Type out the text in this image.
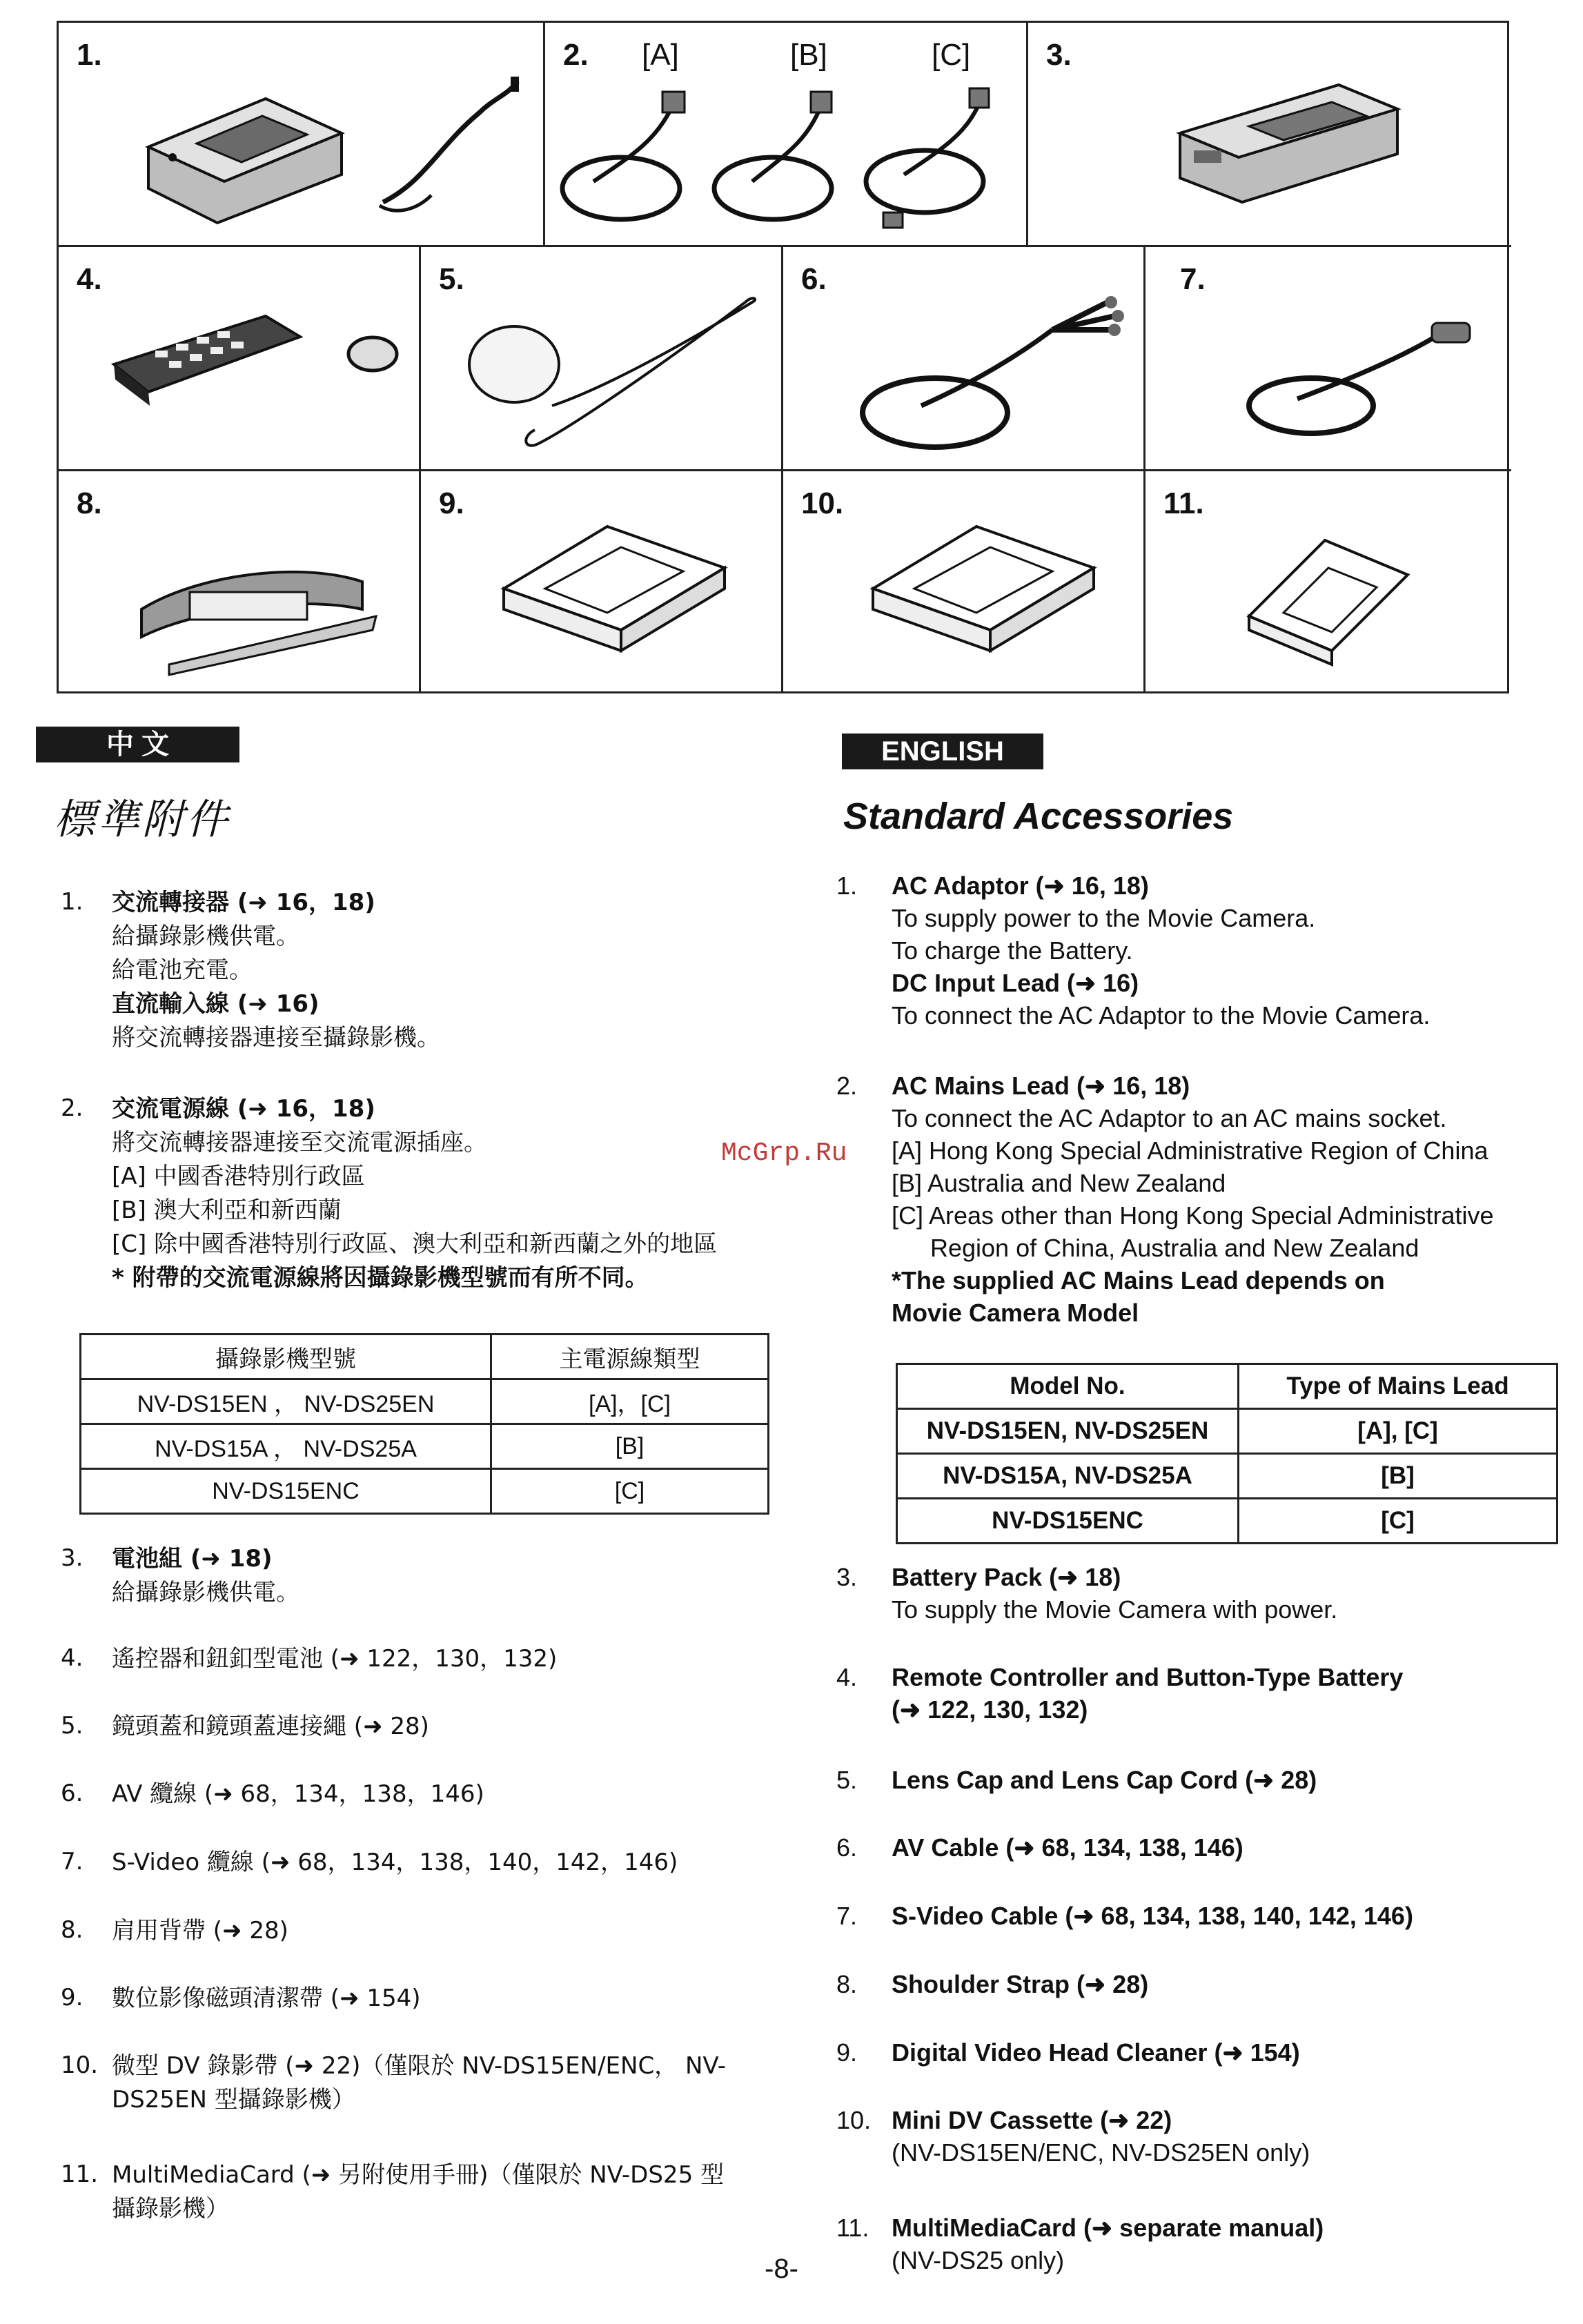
1.	2. [A]	[B]	[C] 3.
4.	5.	6.	7.
8.	9.	10.	11.
中 文
標準附件
1. 交流轉接器 (➜ 16，18)
給攝錄影機供電。
給電池充電。
直流輸入線 (➜ 16)
將交流轉接器連接至攝錄影機。
2. 交流電源線 (➜ 16，18)
將交流轉接器連接至交流電源插座。
[A] 中國香港特別行政區
[B] 澳大利亞和新西蘭
[C] 除中國香港特別行政區、澳大利亞和新西蘭之外的地區
* 附帶的交流電源線將因攝錄影機型號而有所不同。
3. 電池組 (➜ 18)
給攝錄影機供電。
4. 遙控器和鈕釦型電池 (➜ 122，130，132)
5. 鏡頭蓋和鏡頭蓋連接繩 (➜ 28)
6. AV 纜線 (➜ 68，134，138，146)
7. S-Video 纜線 (➜ 68，134，138，140，142，146)
8. 肩用背帶 (➜ 28)
9. 數位影像磁頭清潔帶 (➜ 154)
10. 微型 DV 錄影帶 (➜ 22)（僅限於 NV-DS15EN/ENC， NV-
DS25EN 型攝錄影機）
11. MultiMediaCard (➜ 另附使用手冊)（僅限於 NV-DS25 型
攝錄影機）
攝錄影機型號	主電源線類型
NV-DS15EN ， NV-DS25EN	[A]，[C]
NV-DS15A ， NV-DS25A	[B]
NV-DS15ENC	[C]
ENGLISH
Standard Accessories
1. AC Adaptor (➜ 16, 18)
To supply power to the Movie Camera.
To charge the Battery.
DC Input Lead (➜ 16)
To connect the AC Adaptor to the Movie Camera.
2. AC Mains Lead (➜ 16, 18)
To connect the AC Adaptor to an AC mains socket.
[A] Hong Kong Special Administrative Region of China
[B] Australia and New Zealand
[C] Areas other than Hong Kong Special Administrative
Region of China, Australia and New Zealand
*The supplied AC Mains Lead depends on
Movie Camera Model
3. Battery Pack (➜ 18)
To supply the Movie Camera with power.
4. Remote Controller and Button-Type Battery
(➜ 122, 130, 132)
5. Lens Cap and Lens Cap Cord (➜ 28)
6. AV Cable (➜ 68, 134, 138, 146)
7. S-Video Cable (➜ 68, 134, 138, 140, 142, 146)
8. Shoulder Strap (➜ 28)
9. Digital Video Head Cleaner (➜ 154)
10. Mini DV Cassette (➜ 22)
(NV-DS15EN/ENC, NV-DS25EN only)
11. MultiMediaCard (➜ separate manual)
(NV-DS25 only)
Model No.	Type of Mains Lead
NV-DS15EN, NV-DS25EN	[A], [C]
NV-DS15A, NV-DS25A	[B]
NV-DS15ENC	[C]
McGrp.Ru
-8-
